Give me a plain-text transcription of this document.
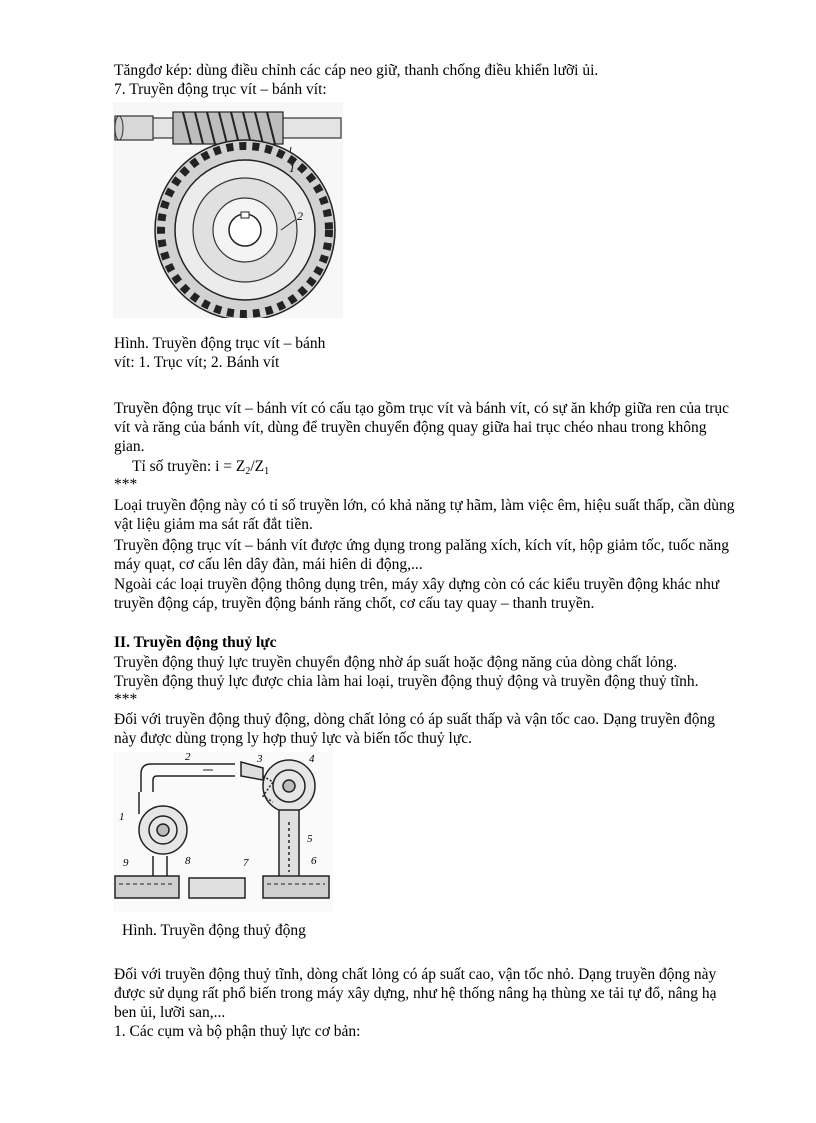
Tăngđơ kép: dùng điều chỉnh các cáp neo giữ, thanh chống điều khiển lưỡi ủi.
7. Truyền động trục vít – bánh vít:
1
2
Hình. Truyền động trục vít – bánh
vít: 1. Trục vít; 2. Bánh vít
Truyền động trục vít – bánh vít có cấu tạo gồm trục vít và bánh vít, có sự ăn khớp giữa ren của trục
vít và răng của bánh vít, dùng để truyền chuyển động quay giữa hai trục chéo nhau trong không
gian.
Tỉ số truyền: $i = Z_2/Z_1$
***
Loại truyền động này có tỉ số truyền lớn, có khả năng tự hãm, làm việc êm, hiệu suất thấp, cần dùng
vật liệu giảm ma sát rất đắt tiền.
Truyền động trục vít – bánh vít được ứng dụng trong palăng xích, kích vít, hộp giảm tốc, tuốc năng
máy quạt, cơ cấu lên dây đàn, mái hiên di động,...
Ngoài các loại truyền động thông dụng trên, máy xây dựng còn có các kiểu truyền động khác như
truyền động cáp, truyền động bánh răng chốt, cơ cấu tay quay – thanh truyền.
II. Truyền động thuỷ lực
Truyền động thuỷ lực truyền chuyển động nhờ áp suất hoặc động năng của dòng chất lỏng.
Truyền động thuỷ lực được chia làm hai loại, truyền động thuỷ động và truyền động thuỷ tĩnh.
***
Đối với truyền động thuỷ động, dòng chất lỏng có áp suất thấp và vận tốc cao. Dạng truyền động
này được dùng trọng ly hợp thuỷ lực và biến tốc thuỷ lực.
1
2	3	4
5
6
7
8
9
Hình. Truyền động thuỷ động
Đối với truyền động thuỷ tĩnh, dòng chất lỏng có áp suất cao, vận tốc nhỏ. Dạng truyền động này
được sử dụng rất phổ biến trong máy xây dựng, như hệ thống nâng hạ thùng xe tải tự đổ, nâng hạ
ben ủi, lưỡi san,...
1. Các cụm và bộ phận thuỷ lực cơ bản:
